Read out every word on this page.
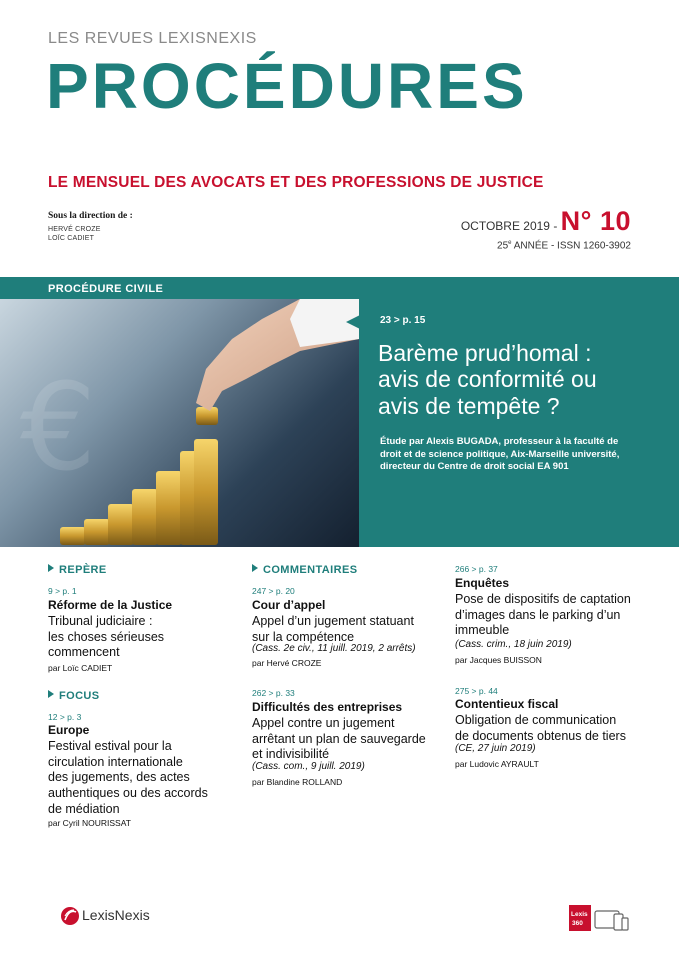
LES REVUES LEXISNEXIS
PROCÉDURES
LE MENSUEL DES AVOCATS ET DES PROFESSIONS DE JUSTICE
Sous la direction de :
HERVÉ CROZE
LOÏC CADIET
OCTOBRE 2019 - N° 10
25e ANNÉE - ISSN 1260-3902
PROCÉDURE CIVILE
€
23 > p. 15
Barème prud’homal :
avis de conformité ou
avis de tempête ?
Étude par Alexis BUGADA, professeur à la faculté de
droit et de science politique, Aix-Marseille université,
directeur du Centre de droit social EA 901
REPÈRE
9 > p. 1
Réforme de la Justice
Tribunal judiciaire :
les choses sérieuses
commencent
par Loïc CADIET
FOCUS
12 > p. 3
Europe
Festival estival pour la
circulation internationale
des jugements, des actes
authentiques ou des accords
de médiation
par Cyril NOURISSAT
COMMENTAIRES
247 > p. 20
Cour d’appel
Appel d’un jugement statuant
sur la compétence
(Cass. 2e civ., 11 juill. 2019, 2 arrêts)
par Hervé CROZE
262 > p. 33
Difficultés des entreprises
Appel contre un jugement
arrêtant un plan de sauvegarde
et indivisibilité
(Cass. com., 9 juill. 2019)
par Blandine ROLLAND
266 > p. 37
Enquêtes
Pose de dispositifs de captation
d’images dans le parking d’un
immeuble
(Cass. crim., 18 juin 2019)
par Jacques BUISSON
275 > p. 44
Contentieux fiscal
Obligation de communication
de documents obtenus de tiers
(CE, 27 juin 2019)
par Ludovic AYRAULT
LexisNexis	Lexis
360
